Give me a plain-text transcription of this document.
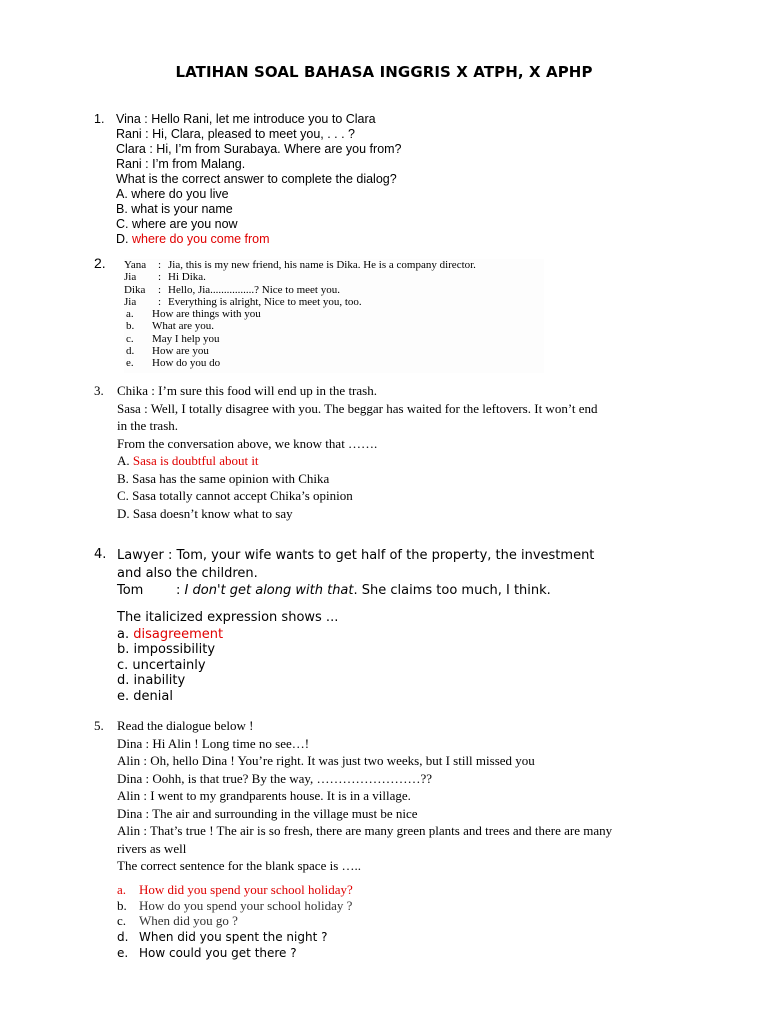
LATIHAN SOAL BAHASA INGGRIS X ATPH, X APHP
1. Vina : Hello Rani, let me introduce you to Clara
Rani : Hi, Clara, pleased to meet you, . . . ?
Clara : Hi, I’m from Surabaya. Where are you from?
Rani : I’m from Malang.
What is the correct answer to complete the dialog?
A. where do you live
B. what is your name
C. where are you now
D. where do you come from
2. Yana	: Jia, this is my new friend, his name is Dika. He is a company director.
Jia	: Hi Dika.
Dika	: Hello, Jia................? Nice to meet you.
Jia	: Everything is alright, Nice to meet you, too.
a.	How are things with you
b.	What are you.
c.	May I help you
d.	How are you
e.	How do you do
3. Chika : I’m sure this food will end up in the trash.
Sasa : Well, I totally disagree with you. The beggar has waited for the leftovers. It won’t end
in the trash.
From the conversation above, we know that …….
A. Sasa is doubtful about it
B. Sasa has the same opinion with Chika
C. Sasa totally cannot accept Chika’s opinion
D. Sasa doesn’t know what to say
4. Lawyer : Tom, your wife wants to get half of the property, the investment
and also the children.
Tom	: I don't get along with that. She claims too much, I think.
The italicized expression shows ...
a. disagreement
b. impossibility
c. uncertainly
d. inability
e. denial
5. Read the dialogue below !
Dina : Hi Alin ! Long time no see…!
Alin : Oh, hello Dina ! You’re right. It was just two weeks, but I still missed you
Dina : Oohh, is that true? By the way, ……………………??
Alin : I went to my grandparents house. It is in a village.
Dina : The air and surrounding in the village must be nice
Alin : That’s true ! The air is so fresh, there are many green plants and trees and there are many
rivers as well
The correct sentence for the blank space is …..
a. How did you spend your school holiday?
b. How do you spend your school holiday ?
c. When did you go ?
d. When did you spent the night ?
e. How could you get there ?
